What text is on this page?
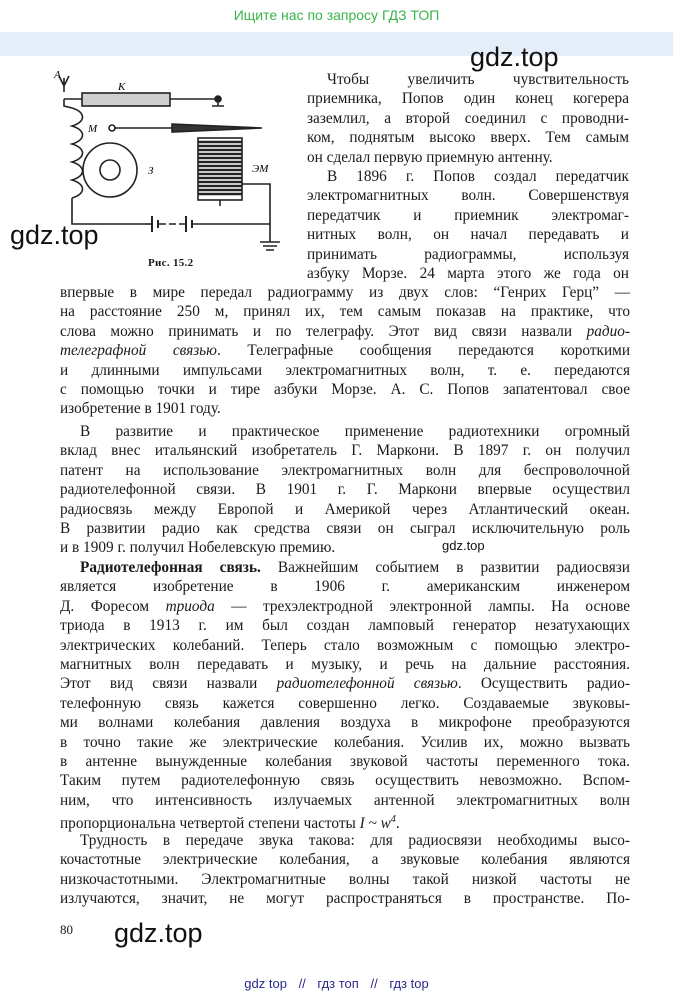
Ищите нас по запросу ГДЗ ТОП
gdz.top
gdz.top
gdz.top
gdz.top
А
К
М
З	ЭМ
Рис. 15.2
Чтобы увеличить чувствительность
приемника, Попов один конец когерера
заземлил, а второй соединил с проводни-
ком, поднятым высоко вверх. Тем самым
он сделал первую приемную антенну.
В 1896 г. Попов создал передатчик
электромагнитных волн. Совершенствуя
передатчик и приемник электромаг-
нитных волн, он начал передавать и
принимать радиограммы, используя
азбуку Морзе. 24 марта этого же года он
впервые в мире передал радиограмму из двух слов: “Генрих Герц” —
на расстояние 250 м, принял их, тем самым показав на практике, что
слова можно принимать и по телеграфу. Этот вид связи назвали радио-
телеграфной связью. Телеграфные сообщения передаются короткими
и длинными импульсами электромагнитных волн, т. е. передаются
с помощью точки и тире азбуки Морзе. А. С. Попов запатентовал свое
изобретение в 1901 году.
В развитие и практическое применение радиотехники огромный
вклад внес итальянский изобретатель Г. Маркони. В 1897 г. он получил
патент на использование электромагнитных волн для беспроволочной
радиотелефонной связи. В 1901 г. Г. Маркони впервые осуществил
радиосвязь между Европой и Америкой через Атлантический океан.
В развитии радио как средства связи он сыграл исключительную роль
и в 1909 г. получил Нобелевскую премию.
Радиотелефонная связь. Важнейшим событием в развитии радиосвязи
является изобретение в 1906 г. американским инженером
Д. Форесом триода — трехэлектродной электронной лампы. На основе
триода в 1913 г. им был создан ламповый генератор незатухающих
электрических колебаний. Теперь стало возможным с помощью электро-
магнитных волн передавать и музыку, и речь на дальние расстояния.
Этот вид связи назвали радиотелефонной связью. Осуществить радио-
телефонную связь кажется совершенно легко. Создаваемые звуковы-
ми волнами колебания давления воздуха в микрофоне преобразуются
в точно такие же электрические колебания. Усилив их, можно вызвать
в антенне вынужденные колебания звуковой частоты переменного тока.
Таким путем радиотелефонную связь осуществить невозможно. Вспом-
ним, что интенсивность излучаемых антенной электромагнитных волн
пропорциональна четвертой степени частоты I ~ $w^4$.
Трудность в передаче звука такова: для радиосвязи необходимы высо-
кочастотные электрические колебания, а звуковые колебания являются
низкочастотными. Электромагнитные волны такой низкой частоты не
излучаются, значит, не могут распространяться в пространстве. По-
80
gdz top // гдз топ // гдз top
